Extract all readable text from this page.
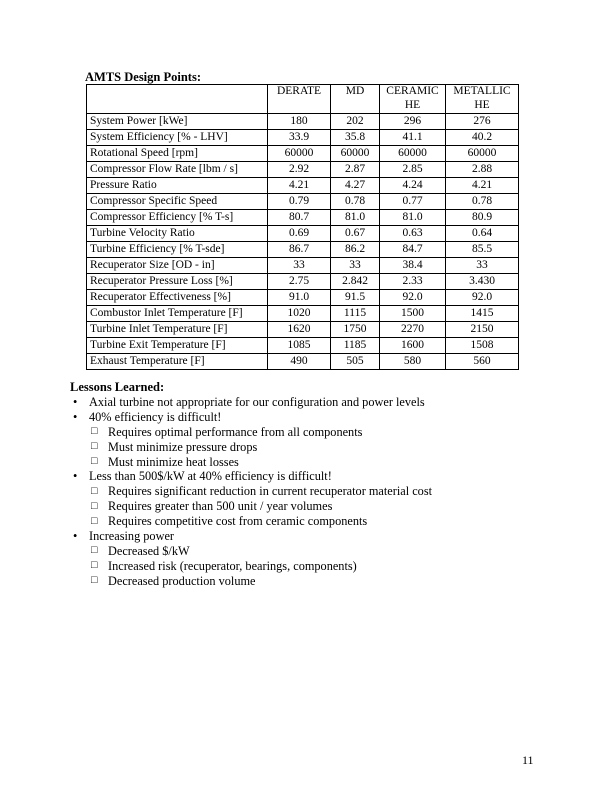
AMTS Design Points:
	DERATE	MD	CERAMIC HE	METALLIC HE
System Power [kWe]	180	202	296	276
System Efficiency [% - LHV]	33.9	35.8	41.1	40.2
Rotational Speed [rpm]	60000	60000	60000	60000
Compressor Flow Rate [lbm / s]	2.92	2.87	2.85	2.88
Pressure Ratio	4.21	4.27	4.24	4.21
Compressor Specific Speed	0.79	0.78	0.77	0.78
Compressor Efficiency [% T-s]	80.7	81.0	81.0	80.9
Turbine Velocity Ratio	0.69	0.67	0.63	0.64
Turbine Efficiency [% T-sde]	86.7	86.2	84.7	85.5
Recuperator Size [OD - in]	33	33	38.4	33
Recuperator Pressure Loss [%]	2.75	2.842	2.33	3.430
Recuperator Effectiveness [%]	91.0	91.5	92.0	92.0
Combustor Inlet Temperature [F]	1020	1115	1500	1415
Turbine Inlet Temperature [F]	1620	1750	2270	2150
Turbine Exit Temperature [F]	1085	1185	1600	1508
Exhaust Temperature [F]	490	505	580	560
Lessons Learned:
• Axial turbine not appropriate for our configuration and power levels
• 40% efficiency is difficult!
□ Requires optimal performance from all components
□ Must minimize pressure drops
□ Must minimize heat losses
• Less than 500$/kW at 40% efficiency is difficult!
□ Requires significant reduction in current recuperator material cost
□ Requires greater than 500 unit / year volumes
□ Requires competitive cost from ceramic components
• Increasing power
□ Decreased $/kW
□ Increased risk (recuperator, bearings, components)
□ Decreased production volume
11
